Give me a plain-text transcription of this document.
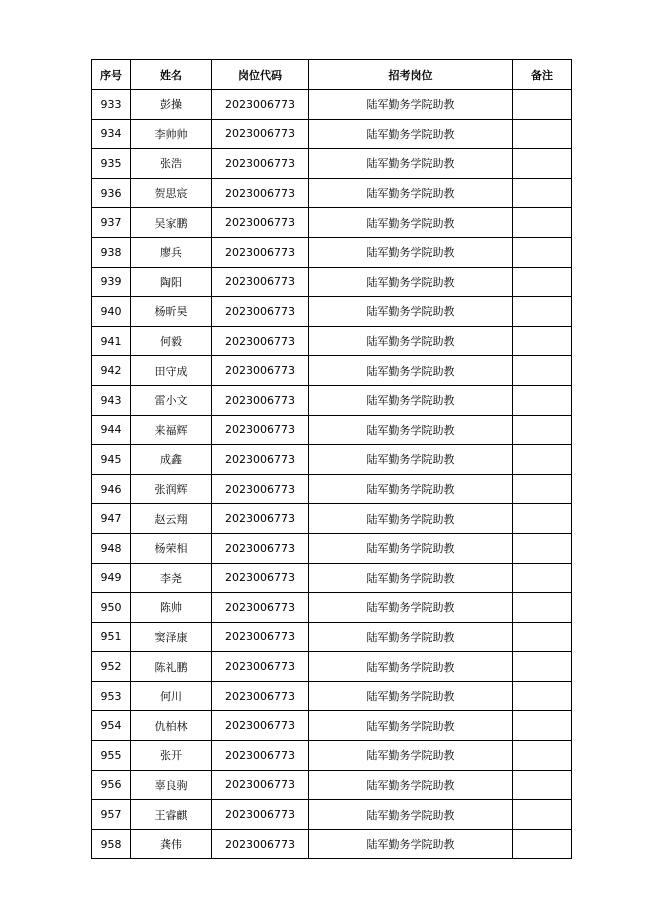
序号	姓名	岗位代码	招考岗位	备注
933	彭操	2023006773	陆军勤务学院助教	
934	李帅帅	2023006773	陆军勤务学院助教	
935	张浩	2023006773	陆军勤务学院助教	
936	贺思宸	2023006773	陆军勤务学院助教	
937	吴家鹏	2023006773	陆军勤务学院助教	
938	廖兵	2023006773	陆军勤务学院助教	
939	陶阳	2023006773	陆军勤务学院助教	
940	杨昕昊	2023006773	陆军勤务学院助教	
941	何毅	2023006773	陆军勤务学院助教	
942	田守成	2023006773	陆军勤务学院助教	
943	雷小文	2023006773	陆军勤务学院助教	
944	来福辉	2023006773	陆军勤务学院助教	
945	成鑫	2023006773	陆军勤务学院助教	
946	张润辉	2023006773	陆军勤务学院助教	
947	赵云翔	2023006773	陆军勤务学院助教	
948	杨荣相	2023006773	陆军勤务学院助教	
949	李尧	2023006773	陆军勤务学院助教	
950	陈帅	2023006773	陆军勤务学院助教	
951	窦泽康	2023006773	陆军勤务学院助教	
952	陈礼鹏	2023006773	陆军勤务学院助教	
953	何川	2023006773	陆军勤务学院助教	
954	仇柏林	2023006773	陆军勤务学院助教	
955	张开	2023006773	陆军勤务学院助教	
956	辜良驹	2023006773	陆军勤务学院助教	
957	王睿麒	2023006773	陆军勤务学院助教	
958	龚伟	2023006773	陆军勤务学院助教	
